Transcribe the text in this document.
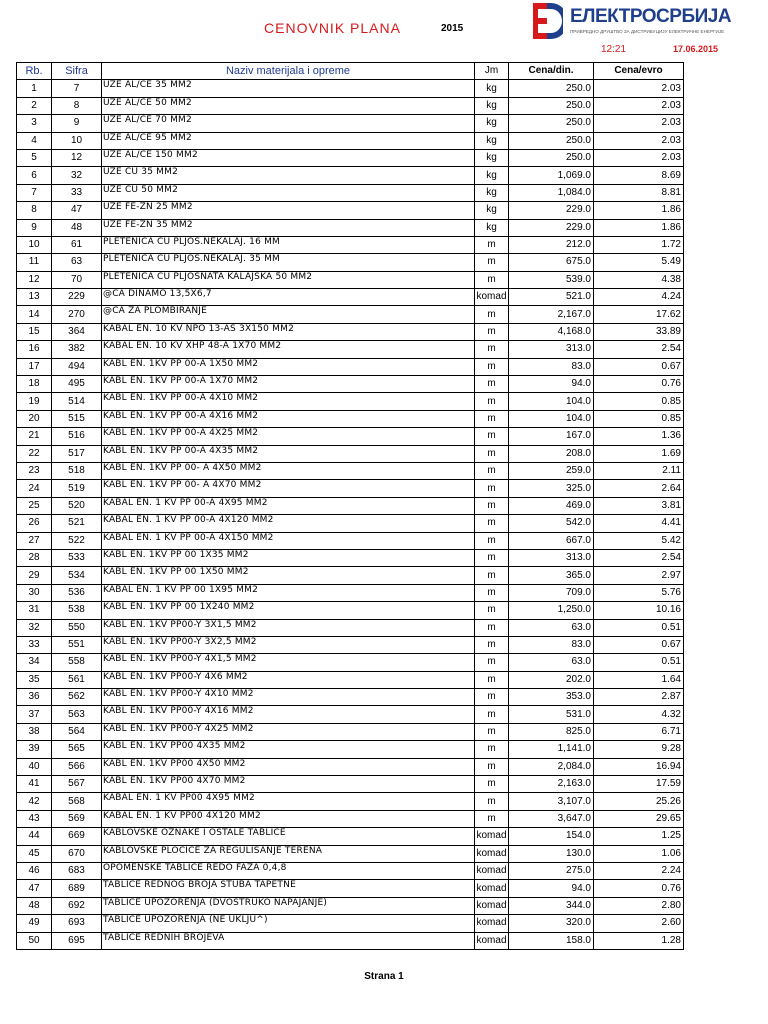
CENOVNIK PLANA	2015
ЕЛЕКТРОСРБИЈА
ПРИВРЕДНО ДРУШТВО ЗА ДИСТРИБУЦИЈУ ЕЛЕКТРИЧНЕ ЕНЕРГИЈЕ
12:21	17.06.2015
Rb.	Sifra	Naziv materijala i opreme	Jm	Cena/din.	Cena/evro
1	7	UZE AL/CE 35 MM2	kg	250.0	2.03
2	8	UZE AL/CE 50 MM2	kg	250.0	2.03
3	9	UZE AL/CE 70 MM2	kg	250.0	2.03
4	10	UZE AL/CE 95 MM2	kg	250.0	2.03
5	12	UZE AL/CE 150 MM2	kg	250.0	2.03
6	32	UZE CU 35 MM2	kg	1,069.0	8.69
7	33	UZE CU 50 MM2	kg	1,084.0	8.81
8	47	UZE FE-ZN 25 MM2	kg	229.0	1.86
9	48	UZE FE-ZN 35 MM2	kg	229.0	1.86
10	61	PLETENICA CU PLJOS.NEKALAJ. 16 MM	m	212.0	1.72
11	63	PLETENICA CU PLJOS.NEKALAJ. 35 MM	m	675.0	5.49
12	70	PLETENICA CU PLJOSNATA KALAJSKA 50 MM2	m	539.0	4.38
13	229	@CA DINAMO 13,5X6,7	komad	521.0	4.24
14	270	@CA ZA PLOMBIRANJE	m	2,167.0	17.62
15	364	KABAL EN. 10 KV NPO 13-AS 3X150 MM2	m	4,168.0	33.89
16	382	KABAL EN. 10 KV XHP 48-A 1X70 MM2	m	313.0	2.54
17	494	KABL EN. 1KV PP 00-A 1X50 MM2	m	83.0	0.67
18	495	KABL EN. 1KV PP 00-A 1X70 MM2	m	94.0	0.76
19	514	KABL EN. 1KV PP 00-A 4X10 MM2	m	104.0	0.85
20	515	KABL EN. 1KV PP 00-A 4X16 MM2	m	104.0	0.85
21	516	KABL EN. 1KV PP 00-A 4X25 MM2	m	167.0	1.36
22	517	KABL EN. 1KV PP 00-A 4X35 MM2	m	208.0	1.69
23	518	KABL EN. 1KV PP 00- A 4X50 MM2	m	259.0	2.11
24	519	KABL EN. 1KV PP 00- A 4X70 MM2	m	325.0	2.64
25	520	KABAL EN. 1 KV PP 00-A 4X95 MM2	m	469.0	3.81
26	521	KABAL EN. 1 KV PP 00-A 4X120 MM2	m	542.0	4.41
27	522	KABAL EN. 1 KV PP 00-A 4X150 MM2	m	667.0	5.42
28	533	KABL EN. 1KV PP 00 1X35 MM2	m	313.0	2.54
29	534	KABL EN. 1KV PP 00 1X50 MM2	m	365.0	2.97
30	536	KABAL EN. 1 KV PP 00 1X95 MM2	m	709.0	5.76
31	538	KABL EN. 1KV PP 00 1X240 MM2	m	1,250.0	10.16
32	550	KABL EN. 1KV PP00-Y 3X1,5 MM2	m	63.0	0.51
33	551	KABL EN. 1KV PP00-Y 3X2,5 MM2	m	83.0	0.67
34	558	KABL EN. 1KV PP00-Y 4X1,5 MM2	m	63.0	0.51
35	561	KABL EN. 1KV PP00-Y 4X6 MM2	m	202.0	1.64
36	562	KABL EN. 1KV PP00-Y 4X10 MM2	m	353.0	2.87
37	563	KABL EN. 1KV PP00-Y 4X16 MM2	m	531.0	4.32
38	564	KABL EN. 1KV PP00-Y 4X25 MM2	m	825.0	6.71
39	565	KABL EN. 1KV PP00 4X35 MM2	m	1,141.0	9.28
40	566	KABL EN. 1KV PP00 4X50 MM2	m	2,084.0	16.94
41	567	KABL EN. 1KV PP00 4X70 MM2	m	2,163.0	17.59
42	568	KABAL EN. 1 KV PP00 4X95 MM2	m	3,107.0	25.26
43	569	KABAL EN. 1 KV PP00 4X120 MM2	m	3,647.0	29.65
44	669	KABLOVSKE OZNAKE I OSTALE TABLICE	komad	154.0	1.25
45	670	KABLOVSKE PLOCICE ZA REGULISANJE TERENA	komad	130.0	1.06
46	683	OPOMENSKE TABLICE REDO FAZA 0,4,8	komad	275.0	2.24
47	689	TABLICE REDNOG BROJA STUBA TAPETNE	komad	94.0	0.76
48	692	TABLICE UPOZORENJA (DVOSTRUKO NAPAJANJE)	komad	344.0	2.80
49	693	TABLICE UPOZORENJA (NE UKLJU^)	komad	320.0	2.60
50	695	TABLICE REDNIH BROJEVA	komad	158.0	1.28
Strana 1
